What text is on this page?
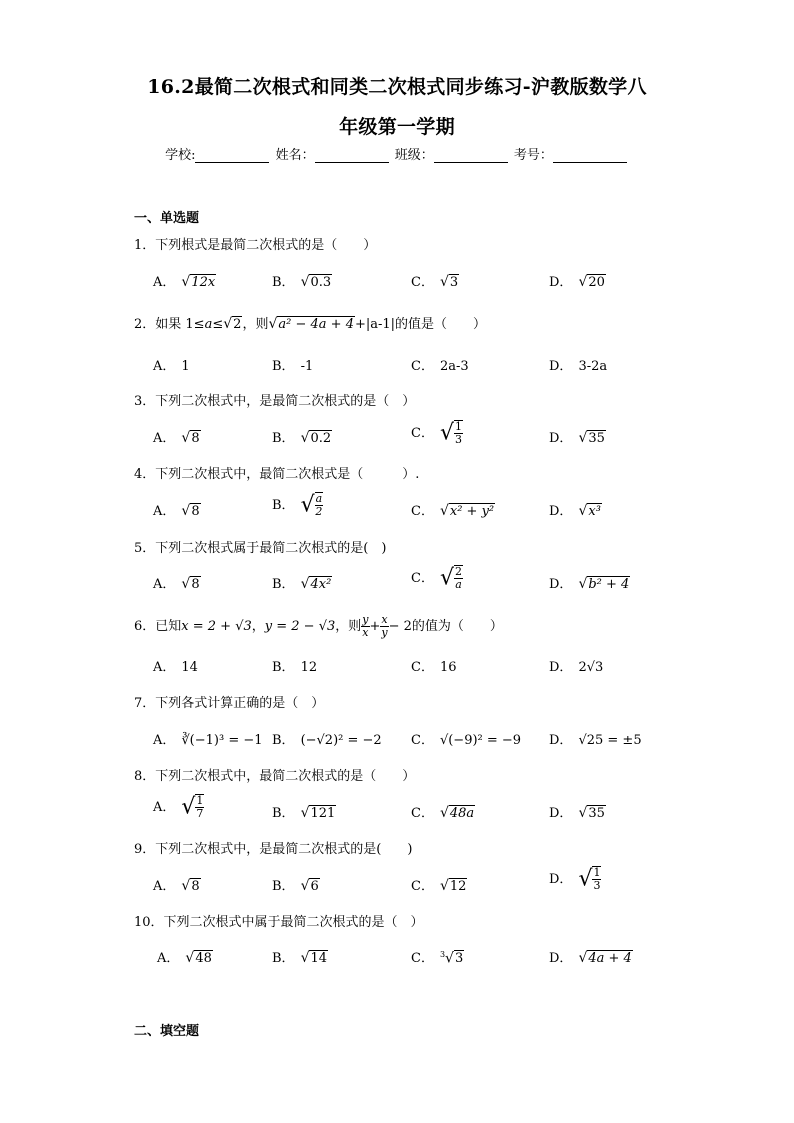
16.2最简二次根式和同类二次根式同步练习-沪教版数学八
年级第一学期
学校:	姓名：	班级：	考号：
一、单选题
1．下列根式是最简二次根式的是（　　）
A． √12x	B． √0.3	C． √3	D． √20
2．如果 1≤a≤√2，则√a² − 4a + 4+|a-1|的值是（　　）
A． 1	B． -1	C． 2a-3	D． 3-2a
3．下列二次根式中，是最简二次根式的是（　）
A． √8	B． √0.2	C． √ $\frac{1}{3}$	D． √35
4．下列二次根式中，最简二次根式是（　　　）.
A． √8	B． √ $\frac{a}{2}$	C． √x² + y²	D． √x³
5．下列二次根式属于最简二次根式的是(　)
A． √8	B． √4x²	C． √ $\frac{2}{a}$	D． √b² + 4
6．已知x = 2 + √3，y = 2 − √3，则 $\frac{y}{x} + \frac{x}{y} - 2$的值为（　　）
A． 14	B． 12	C． 16	D． 2√3
7．下列各式计算正确的是（　）
A． ∛(−1)³ = −1 B． (−√2)² = −2 C． √(−9)² = −9 D． √25 = ±5
8．下列二次根式中，最简二次根式的是（　　）
A． √ $\frac{1}{7}$	B． √121	C． √48a	D． √35
9．下列二次根式中，是最简二次根式的是(　　)
A． √8	B． √6	C． √12	D． √ $\frac{1}{3}$
10．下列二次根式中属于最简二次根式的是（　）
A． √48	B． √14	C． $^3$√3	D． √4a + 4
二、填空题
